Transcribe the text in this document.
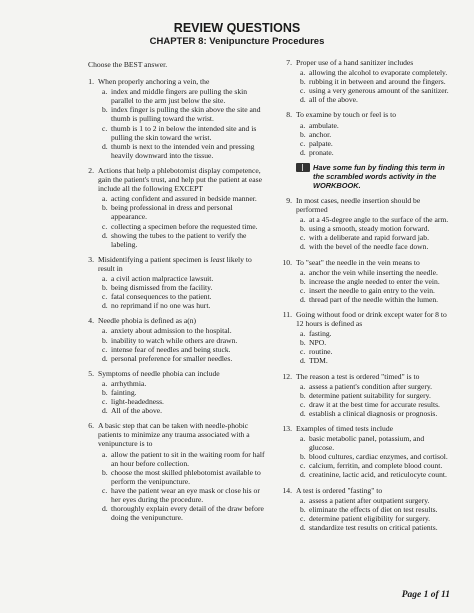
REVIEW QUESTIONS
CHAPTER 8: Venipuncture Procedures
Choose the BEST answer.
1. When properly anchoring a vein, the
a. index and middle fingers are pulling the skin parallel to the arm just below the site.
b. index finger is pulling the skin above the site and thumb is pulling toward the wrist.
c. thumb is 1 to 2 in below the intended site and is pulling the skin toward the wrist.
d. thumb is next to the intended vein and pressing heavily downward into the tissue.
2. Actions that help a phlebotomist display competence, gain the patient's trust, and help put the patient at ease include all the following EXCEPT
a. acting confident and assured in bedside manner.
b. being professional in dress and personal appearance.
c. collecting a specimen before the requested time.
d. showing the tubes to the patient to verify the labeling.
3. Misidentifying a patient specimen is least likely to result in
a. a civil action malpractice lawsuit.
b. being dismissed from the facility.
c. fatal consequences to the patient.
d. no reprimand if no one was hurt.
4. Needle phobia is defined as a(n)
a. anxiety about admission to the hospital.
b. inability to watch while others are drawn.
c. intense fear of needles and being stuck.
d. personal preference for smaller needles.
5. Symptoms of needle phobia can include
a. arrhythmia.
b. fainting.
c. light-headedness.
d. All of the above.
6. A basic step that can be taken with needle-phobic patients to minimize any trauma associated with a venipuncture is to
a. allow the patient to sit in the waiting room for half an hour before collection.
b. choose the most skilled phlebotomist available to perform the venipuncture.
c. have the patient wear an eye mask or close his or her eyes during the procedure.
d. thoroughly explain every detail of the draw before doing the venipuncture.
7. Proper use of a hand sanitizer includes
a. allowing the alcohol to evaporate completely.
b. rubbing it in between and around the fingers.
c. using a very generous amount of the sanitizer.
d. all of the above.
8. To examine by touch or feel is to
a. ambulate.
b. anchor.
c. palpate.
d. pronate.
Have some fun by finding this term in the scrambled words activity in the WORKBOOK.
9. In most cases, needle insertion should be performed
a. at a 45-degree angle to the surface of the arm.
b. using a smooth, steady motion forward.
c. with a deliberate and rapid forward jab.
d. with the bevel of the needle face down.
10. To "seat" the needle in the vein means to
a. anchor the vein while inserting the needle.
b. increase the angle needed to enter the vein.
c. insert the needle to gain entry to the vein.
d. thread part of the needle within the lumen.
11. Going without food or drink except water for 8 to 12 hours is defined as
a. fasting.
b. NPO.
c. routine.
d. TDM.
12. The reason a test is ordered "timed" is to
a. assess a patient's condition after surgery.
b. determine patient suitability for surgery.
c. draw it at the best time for accurate results.
d. establish a clinical diagnosis or prognosis.
13. Examples of timed tests include
a. basic metabolic panel, potassium, and glucose.
b. blood cultures, cardiac enzymes, and cortisol.
c. calcium, ferritin, and complete blood count.
d. creatinine, lactic acid, and reticulocyte count.
14. A test is ordered "fasting" to
a. assess a patient after outpatient surgery.
b. eliminate the effects of diet on test results.
c. determine patient eligibility for surgery.
d. standardize test results on critical patients.
Page 1 of 11
